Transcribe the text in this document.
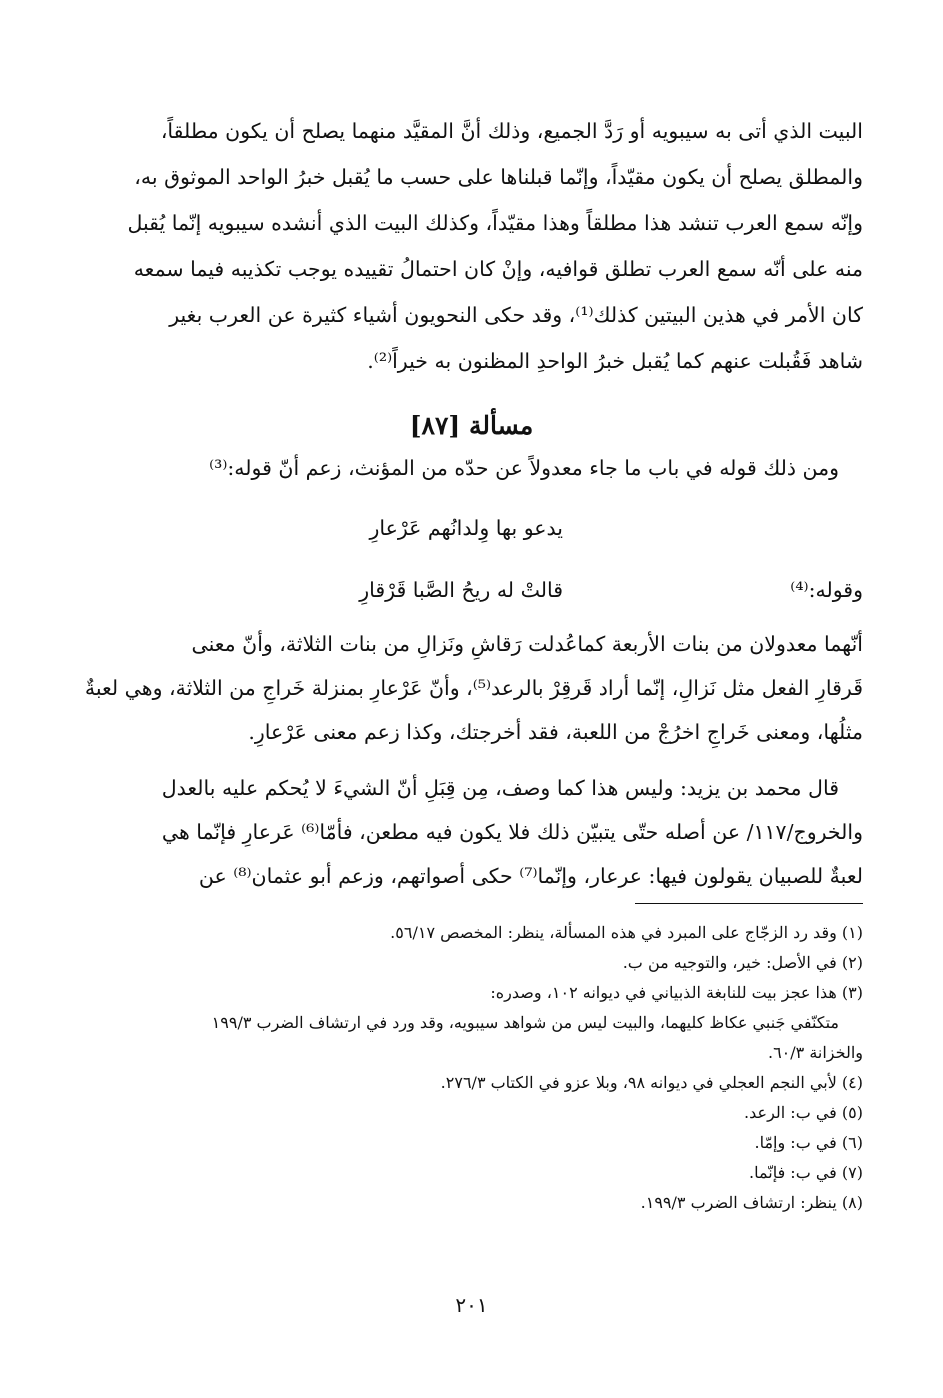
البيت الذي أتى به سيبويه أو رَدَّ الجميع، وذلك أنَّ المقيَّد منهما يصلح أن يكون مطلقاً،
والمطلق يصلح أن يكون مقيّداً، وإنّما قبلناها على حسب ما يُقبل خبرُ الواحد الموثوق به،
وإنّه سمع العرب تنشد هذا مطلقاً وهذا مقيّداً، وكذلك البيت الذي أنشده سيبويه إنّما يُقبل
منه على أنّه سمع العرب تطلق قوافيه، وإنْ كان احتمالُ تقييده يوجب تكذيبه فيما سمعه
كان الأمر في هذين البيتين كذلك⁽¹⁾، وقد حكى النحويون أشياء كثيرة عن العرب بغير
شاهد فَقُبلت عنهم كما يُقبل خبرُ الواحدِ المظنون به خيراً⁽²⁾.
مسألة [٨٧]
ومن ذلك قوله في باب ما جاء معدولاً عن حدّه من المؤنث، زعم أنّ قوله:⁽³⁾
يدعو بها وِلدانُهم عَرْعارِ
وقوله:⁽⁴⁾
قالتْ له ريحُ الصَّبا قَرْقارِ
أنّهما معدولان من بنات الأربعة كماعُدلت رَقاشِ ونَزالِ من بنات الثلاثة، وأنّ معنى
قَرقارِ الفعل مثل نَزالِ، إنّما أراد قَرقِرْ بالرعد⁽⁵⁾، وأنّ عَرْعارِ بمنزلة خَراجِ من الثلاثة، وهي لعبةٌ
مثلُها، ومعنى خَراجِ اخرُجْ من اللعبة، فقد أخرجتك، وكذا زعم معنى عَرْعارِ.
قال محمد بن يزيد: وليس هذا كما وصف، مِن قِبَلِ أنّ الشيءَ لا يُحكم عليه بالعدل
والخروج/١١٧/ عن أصله حتّى يتبيّن ذلك فلا يكون فيه مطعن، فأمّا⁽⁶⁾ عَرعارِ فإنّما هي
لعبةٌ للصبيان يقولون فيها: عرعار، وإنّما⁽⁷⁾ حكى أصواتهم، وزعم أبو عثمان⁽⁸⁾ عن
(١) وقد رد الزجّاج على المبرد في هذه المسألة، ينظر: المخصص ٥٦/١٧.
(٢) في الأصل: خير، والتوجيه من ب.
(٣) هذا عجز بيت للنابغة الذبياني في ديوانه ١٠٢، وصدره:
متكنّفي جَنبي عكاظ كليهما، والبيت ليس من شواهد سيبويه، وقد ورد في ارتشاف الضرب ١٩٩/٣
والخزانة ٦٠/٣.
(٤) لأبي النجم العجلي في ديوانه ٩٨، وبلا عزو في الكتاب ٢٧٦/٣.
(٥) في ب: الرعد.
(٦) في ب: وإمّا.
(٧) في ب: فإنّما.
(٨) ينظر: ارتشاف الضرب ١٩٩/٣.
٢٠١
